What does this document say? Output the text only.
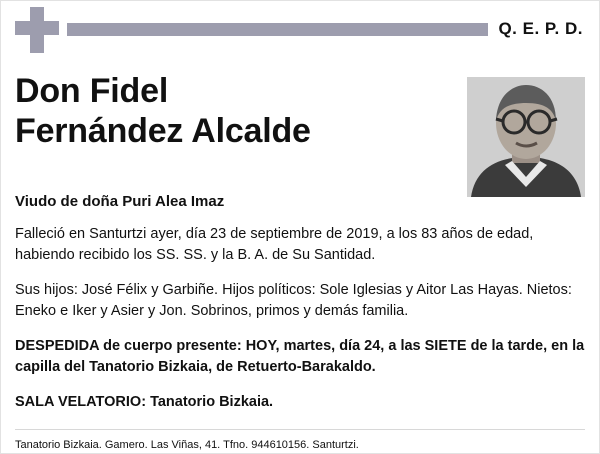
Q. E. P. D.
Don Fidel
Fernández Alcalde
Viudo de doña Puri Alea Imaz

Falleció en Santurtzi ayer, día 23 de septiembre de 2019, a los 83 años de edad, habiendo recibido los SS. SS. y la B. A. de Su Santidad.

Sus hijos: José Félix y Garbiñe. Hijos políticos: Sole Iglesias y Aitor Las Hayas. Nietos: Eneko e Iker y Asier y Jon. Sobrinos, primos y demás familia.

DESPEDIDA de cuerpo presente: HOY, martes, día 24, a las SIETE de la tarde, en la capilla del Tanatorio Bizkaia, de Retuerto-Barakaldo.

SALA VELATORIO: Tanatorio Bizkaia.

Tanatorio Bizkaia. Gamero. Las Viñas, 41. Tfno. 944610156. Santurtzi.
